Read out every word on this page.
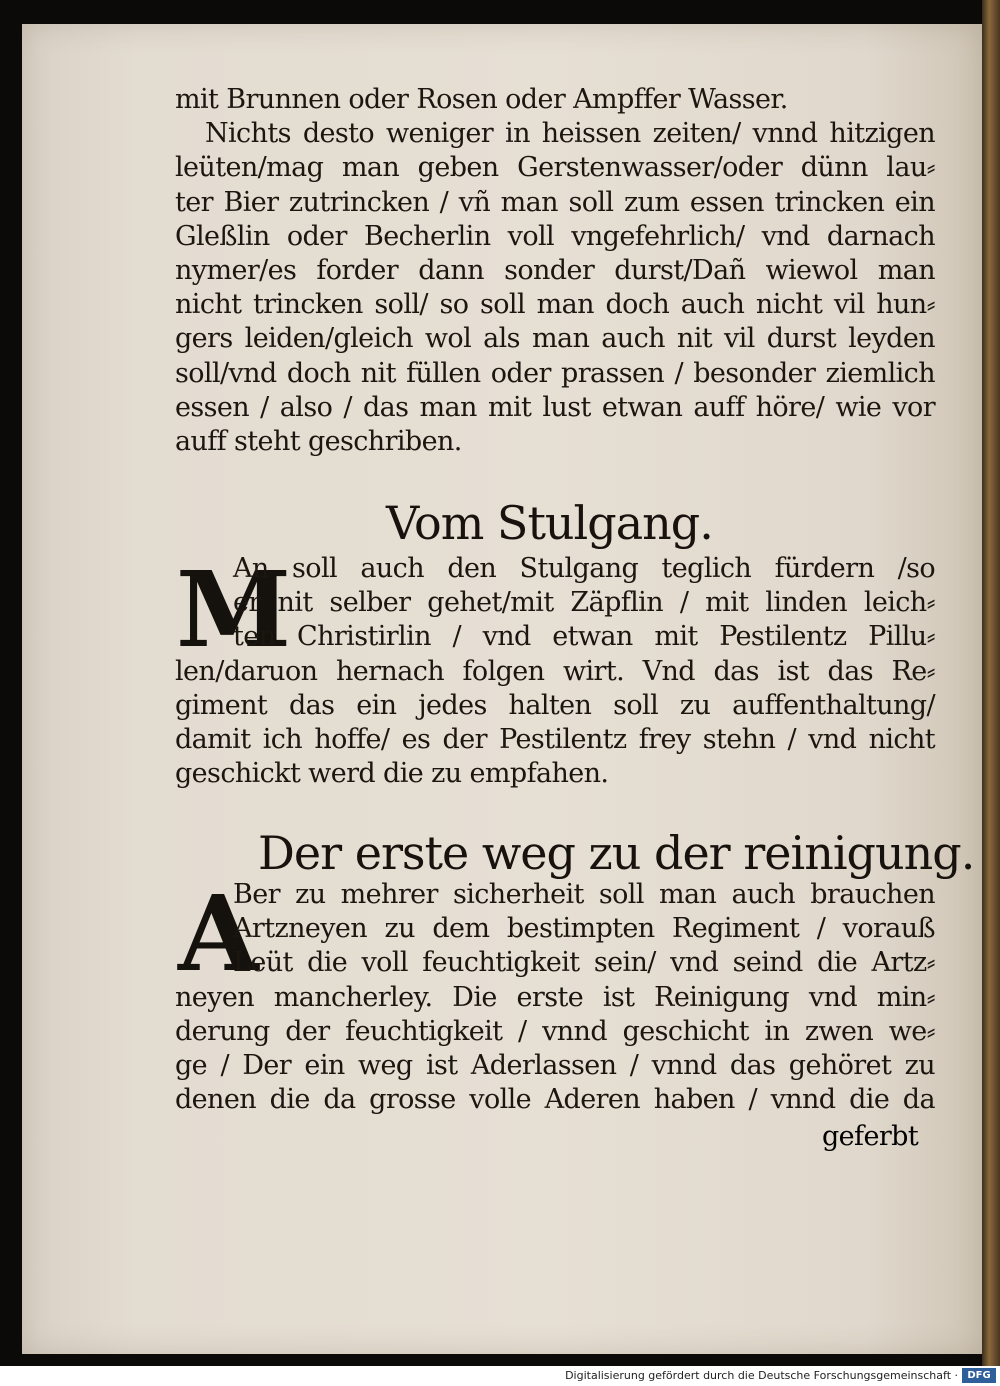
mit Brunnen oder Rosen oder Ampffer Wasser.
Nichts desto weniger in heissen zeiten/ vnnd hitzigen
leüten/mag man geben Gerstenwasser/oder dünn lau⸗
ter Bier zutrincken / vñ man soll zum essen trincken ein
Gleßlin oder Becherlin voll vngefehrlich/ vnd darnach
nymer/es forder dann sonder durst/Dañ wiewol man
nicht trincken soll/ so soll man doch auch nicht vil hun⸗
gers leiden/gleich wol als man auch nit vil durst leyden
soll/vnd doch nit füllen oder prassen / besonder ziemlich
essen / also / das man mit lust etwan auff höre/ wie vor
auff steht geschriben.
Vom Stulgang.
M
An soll auch den Stulgang teglich fürdern /so
er nit selber gehet/mit Zäpflin / mit linden leich⸗
ten Christirlin / vnd etwan mit Pestilentz Pillu⸗
len/daruon hernach folgen wirt. Vnd das ist das Re⸗
giment das ein jedes halten soll zu auffenthaltung/
damit ich hoffe/ es der Pestilentz frey stehn / vnd nicht
geschickt werd die zu empfahen.
Der erste weg zu der reinigung.
A
Ber zu mehrer sicherheit soll man auch brauchen
Artzneyen zu dem bestimpten Regiment / vorauß
Leüt die voll feuchtigkeit sein/ vnd seind die Artz⸗
neyen mancherley. Die erste ist Reinigung vnd min⸗
derung der feuchtigkeit / vnnd geschicht in zwen we⸗
ge / Der ein weg ist Aderlassen / vnnd das gehöret zu
denen die da grosse volle Aderen haben / vnnd die da
geferbt
Digitalisierung gefördert durch die Deutsche Forschungsgemeinschaft · DFG
